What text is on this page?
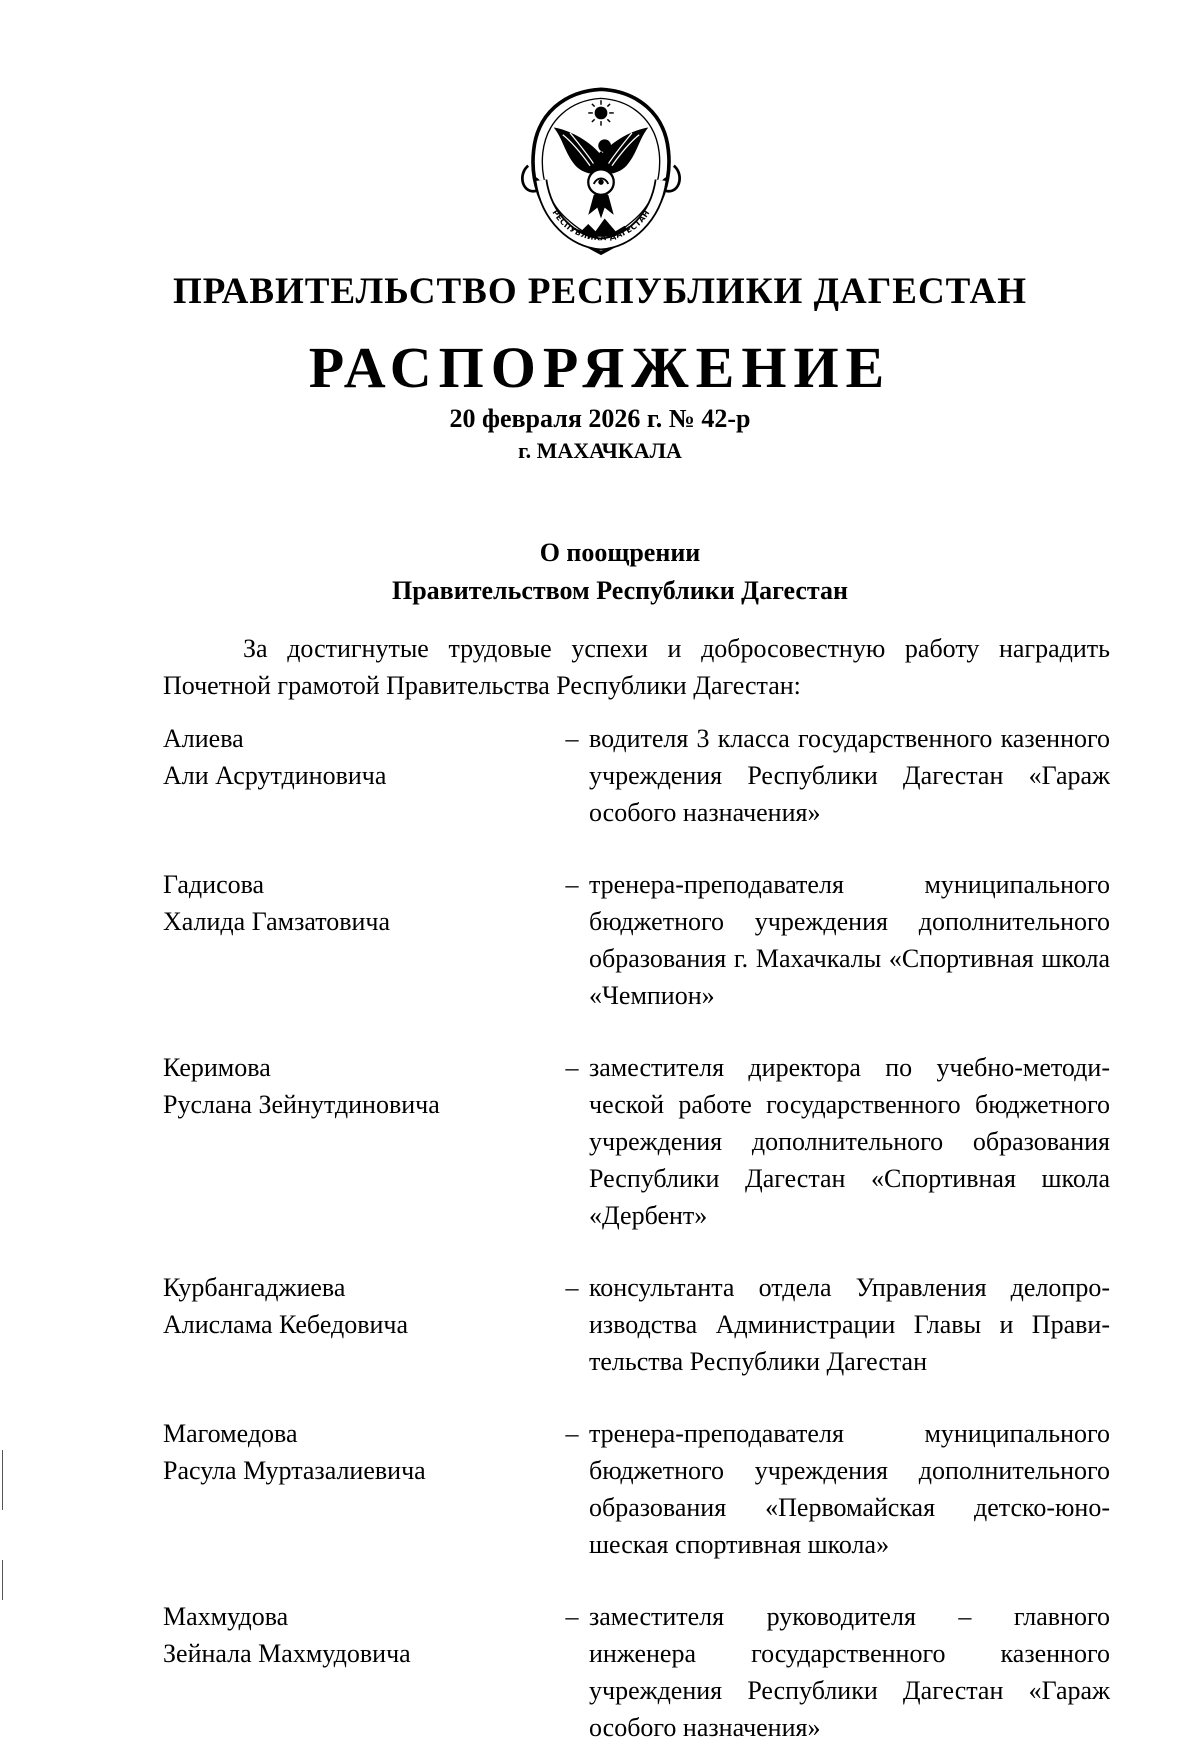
РЕСПУБЛИКА ДАГЕСТАН
ПРАВИТЕЛЬСТВО РЕСПУБЛИКИ ДАГЕСТАН
РАСПОРЯЖЕНИЕ
20 февраля 2026 г. № 42-р
г. МАХАЧКАЛА
О поощрении
Правительством Республики Дагестан
За достигнутые трудовые успехи и добросовестную работу наградить Почетной грамотой Правительства Республики Дагестан:
Алиева
Али Асрутдиновича
– водителя 3 класса государственного казенного учреждения Республики Дагестан «Гараж особого назначения»
Гадисова
Халида Гамзатовича
– тренера-преподавателя муниципального бюджетного учреждения дополнительного образования г. Махачкалы «Спортивная школа «Чемпион»
Керимова
Руслана Зейнутдиновича
– заместителя директора по учебно-методической работе государственного бюджетного учреждения дополнительного образования Республики Дагестан «Спортивная школа «Дербент»
Курбангаджиева
Алислама Кебедовича
– консультанта отдела Управления делопроизводства Администрации Главы и Правительства Республики Дагестан
Магомедова
Расула Муртазалиевича
– тренера-преподавателя муниципального бюджетного учреждения дополнительного образования «Первомайская детско-юношеская спортивная школа»
Махмудова
Зейнала Махмудовича
– заместителя руководителя – главного инженера государственного казенного учреждения Республики Дагестан «Гараж особого назначения»
